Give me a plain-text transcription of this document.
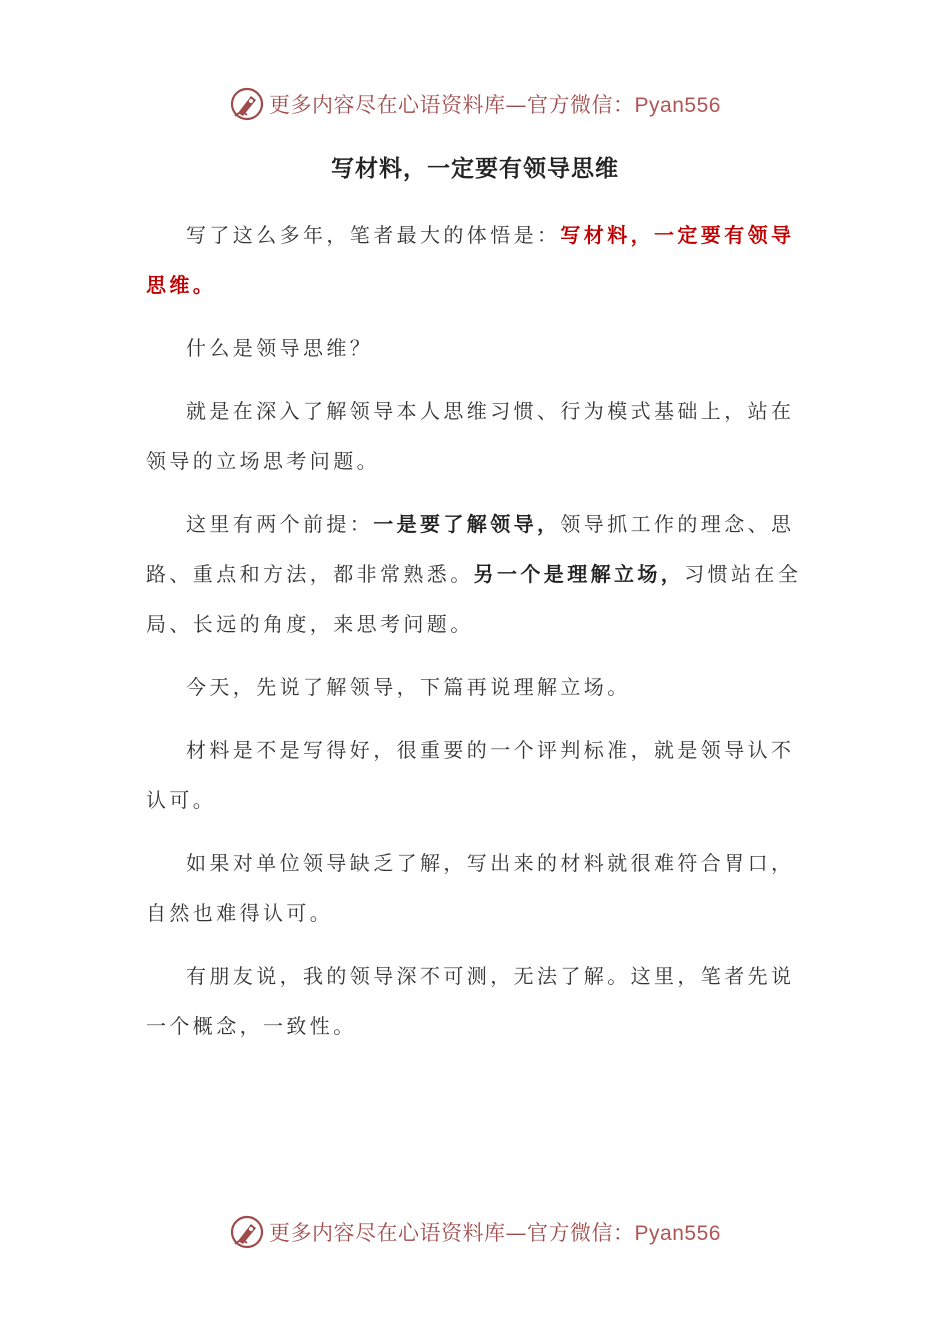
更多内容尽在心语资料库—官方微信：Pyan556
写材料，一定要有领导思维

写了这么多年，笔者最大的体悟是：写材料，一定要有领导思维。

什么是领导思维？

就是在深入了解领导本人思维习惯、行为模式基础上，站在领导的立场思考问题。

这里有两个前提：一是要了解领导，领导抓工作的理念、思路、重点和方法，都非常熟悉。另一个是理解立场，习惯站在全局、长远的角度，来思考问题。

今天，先说了解领导，下篇再说理解立场。

材料是不是写得好，很重要的一个评判标准，就是领导认不认可。

如果对单位领导缺乏了解，写出来的材料就很难符合胃口，自然也难得认可。

有朋友说，我的领导深不可测，无法了解。这里，笔者先说一个概念，一致性。

更多内容尽在心语资料库—官方微信：Pyan556
